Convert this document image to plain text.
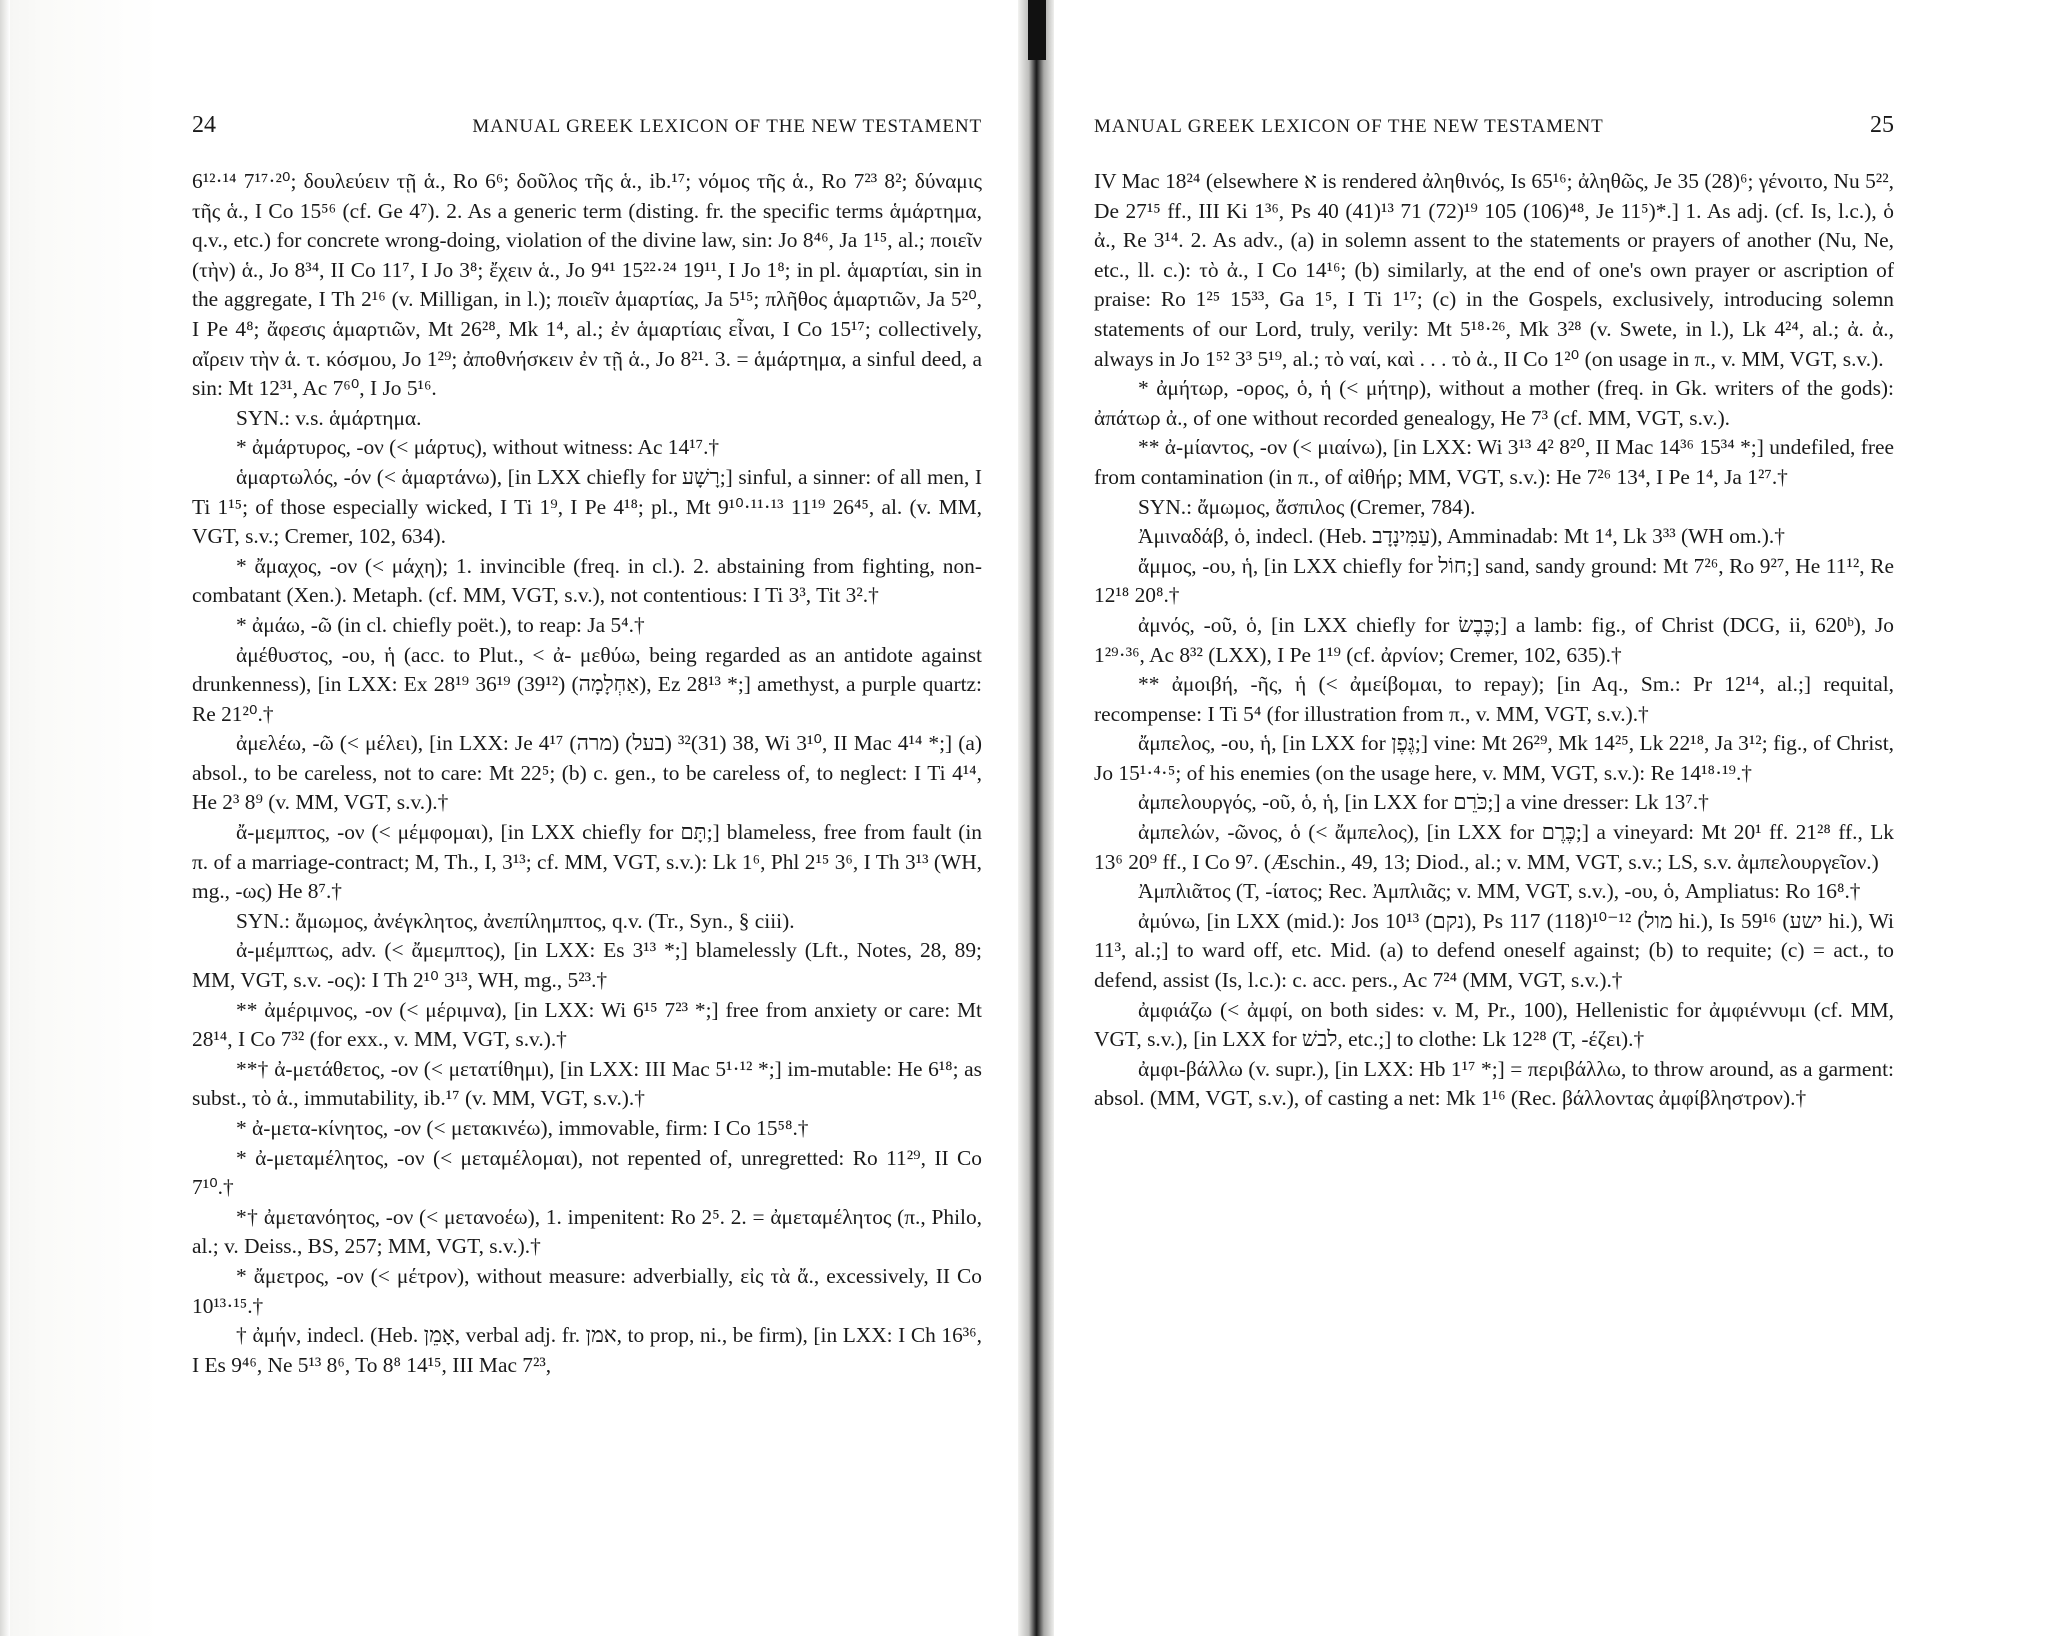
24	MANUAL GREEK LEXICON OF THE NEW TESTAMENT

6¹²·¹⁴ 7¹⁷·²⁰; δουλεύειν τῇ ἁ., Ro 6⁶; δοῦλος τῆς ἁ., ib.¹⁷; νόμος τῆς ἁ., Ro 7²³ 8²; δύναμις τῆς ἁ., I Co 15⁵⁶ (cf. Ge 4⁷). 2. As a generic term (disting. fr. the specific terms ἁμάρτημα, q.v., etc.) for concrete wrong-doing, violation of the divine law, sin: Jo 8⁴⁶, Ja 1¹⁵, al.; ποιεῖν (τὴν) ἁ., Jo 8³⁴, II Co 11⁷, I Jo 3⁸; ἔχειν ἁ., Jo 9⁴¹ 15²²·²⁴ 19¹¹, I Jo 1⁸; in pl. ἁμαρτίαι, sin in the aggregate, I Th 2¹⁶ (v. Milligan, in l.); ποιεῖν ἁμαρτίας, Ja 5¹⁵; πλῆθος ἁμαρτιῶν, Ja 5²⁰, I Pe 4⁸; ἄφεσις ἁμαρτιῶν, Mt 26²⁸, Mk 1⁴, al.; ἐν ἁμαρτίαις εἶναι, I Co 15¹⁷; collectively, αἴρειν τὴν ἁ. τ. κόσμου, Jo 1²⁹; ἀποθνήσκειν ἐν τῇ ἁ., Jo 8²¹. 3. = ἁμάρτημα, a sinful deed, a sin: Mt 12³¹, Ac 7⁶⁰, I Jo 5¹⁶.

SYN.: v.s. ἁμάρτημα.

* ἀμάρτυρος, -ον (< μάρτυς), without witness: Ac 14¹⁷.†

ἁμαρτωλός, -όν (< ἁμαρτάνω), [in LXX chiefly for רָשָׁע;] sinful, a sinner: of all men, I Ti 1¹⁵; of those especially wicked, I Ti 1⁹, I Pe 4¹⁸; pl., Mt 9¹⁰·¹¹·¹³ 11¹⁹ 26⁴⁵, al. (v. MM, VGT, s.v.; Cremer, 102, 634).

* ἄμαχος, -ον (< μάχη); 1. invincible (freq. in cl.). 2. abstaining from fighting, non-combatant (Xen.). Metaph. (cf. MM, VGT, s.v.), not contentious: I Ti 3³, Tit 3².†

* ἀμάω, -ῶ (in cl. chiefly poët.), to reap: Ja 5⁴.†

ἀμέθυστος, -ου, ἡ (acc. to Plut., < ἀ- μεθύω, being regarded as an antidote against drunkenness), [in LXX: Ex 28¹⁹ 36¹⁹ (39¹²) (אַחְלָמָה), Ez 28¹³ *;] amethyst, a purple quartz: Re 21²⁰.†

ἀμελέω, -ῶ (< μέλει), [in LXX: Je 4¹⁷ (מרה) 38 (31)³² (בעל), Wi 3¹⁰, II Mac 4¹⁴ *;] (a) absol., to be careless, not to care: Mt 22⁵; (b) c. gen., to be careless of, to neglect: I Ti 4¹⁴, He 2³ 8⁹ (v. MM, VGT, s.v.).†

ἄ-μεμπτος, -ον (< μέμφομαι), [in LXX chiefly for תָּם;] blameless, free from fault (in π. of a marriage-contract; M, Th., I, 3¹³; cf. MM, VGT, s.v.): Lk 1⁶, Phl 2¹⁵ 3⁶, I Th 3¹³ (WH, mg., -ως) He 8⁷.†

SYN.: ἄμωμος, ἀνέγκλητος, ἀνεπίλημπτος, q.v. (Tr., Syn., § ciii).

ἀ-μέμπτως, adv. (< ἄμεμπτος), [in LXX: Es 3¹³ *;] blamelessly (Lft., Notes, 28, 89; MM, VGT, s.v. -ος): I Th 2¹⁰ 3¹³, WH, mg., 5²³.†

** ἀμέριμνος, -ον (< μέριμνα), [in LXX: Wi 6¹⁵ 7²³ *;] free from anxiety or care: Mt 28¹⁴, I Co 7³² (for exx., v. MM, VGT, s.v.).†

**† ἀ-μετάθετος, -ον (< μετατίθημι), [in LXX: III Mac 5¹·¹² *;] im-mutable: He 6¹⁸; as subst., τὸ ἁ., immutability, ib.¹⁷ (v. MM, VGT, s.v.).†

* ἀ-μετα-κίνητος, -ον (< μετακινέω), immovable, firm: I Co 15⁵⁸.†

* ἀ-μεταμέλητος, -ον (< μεταμέλομαι), not repented of, unregretted: Ro 11²⁹, II Co 7¹⁰.†

*† ἀμετανόητος, -ον (< μετανοέω), 1. impenitent: Ro 2⁵. 2. = ἀμεταμέλητος (π., Philo, al.; v. Deiss., BS, 257; MM, VGT, s.v.).†

* ἄμετρος, -ον (< μέτρον), without measure: adverbially, εἰς τὰ ἄ., excessively, II Co 10¹³·¹⁵.†

† ἀμήν, indecl. (Heb. אָמֵן, verbal adj. fr. אמן, to prop, ni., be firm), [in LXX: I Ch 16³⁶, I Es 9⁴⁶, Ne 5¹³ 8⁶, To 8⁸ 14¹⁵, III Mac 7²³,

MANUAL GREEK LEXICON OF THE NEW TESTAMENT	25

IV Mac 18²⁴ (elsewhere א is rendered ἀληθινός, Is 65¹⁶; ἀληθῶς, Je 35 (28)⁶; γένοιτο, Nu 5²², De 27¹⁵ ff., III Ki 1³⁶, Ps 40 (41)¹³ 71 (72)¹⁹ 105 (106)⁴⁸, Je 11⁵)*.] 1. As adj. (cf. Is, l.c.), ὁ ἀ., Re 3¹⁴. 2. As adv., (a) in solemn assent to the statements or prayers of another (Nu, Ne, etc., ll. c.): τὸ ἀ., I Co 14¹⁶; (b) similarly, at the end of one's own prayer or ascription of praise: Ro 1²⁵ 15³³, Ga 1⁵, I Ti 1¹⁷; (c) in the Gospels, exclusively, introducing solemn statements of our Lord, truly, verily: Mt 5¹⁸·²⁶, Mk 3²⁸ (v. Swete, in l.), Lk 4²⁴, al.; ἀ. ἀ., always in Jo 1⁵² 3³ 5¹⁹, al.; τὸ ναί, καὶ . . . τὸ ἀ., II Co 1²⁰ (on usage in π., v. MM, VGT, s.v.).

* ἀμήτωρ, -ορος, ὁ, ἡ (< μήτηρ), without a mother (freq. in Gk. writers of the gods): ἀπάτωρ ἀ., of one without recorded genealogy, He 7³ (cf. MM, VGT, s.v.).

** ἀ-μίαντος, -ον (< μιαίνω), [in LXX: Wi 3¹³ 4² 8²⁰, II Mac 14³⁶ 15³⁴ *;] undefiled, free from contamination (in π., of αἰθήρ; MM, VGT, s.v.): He 7²⁶ 13⁴, I Pe 1⁴, Ja 1²⁷.†

SYN.: ἄμωμος, ἄσπιλος (Cremer, 784).

Ἀμιναδάβ, ὁ, indecl. (Heb. עַמִּינָדָב), Amminadab: Mt 1⁴, Lk 3³³ (WH om.).†

ἄμμος, -ου, ἡ, [in LXX chiefly for חוֹל;] sand, sandy ground: Mt 7²⁶, Ro 9²⁷, He 11¹², Re 12¹⁸ 20⁸.†

ἀμνός, -οῦ, ὁ, [in LXX chiefly for כֶּבֶשׂ;] a lamb: fig., of Christ (DCG, ii, 620ᵇ), Jo 1²⁹·³⁶, Ac 8³² (LXX), I Pe 1¹⁹ (cf. ἀρνίον; Cremer, 102, 635).†

** ἀμοιβή, -ῆς, ἡ (< ἀμείβομαι, to repay); [in Aq., Sm.: Pr 12¹⁴, al.;] requital, recompense: I Ti 5⁴ (for illustration from π., v. MM, VGT, s.v.).†

ἄμπελος, -ου, ἡ, [in LXX for גֶּפֶן;] vine: Mt 26²⁹, Mk 14²⁵, Lk 22¹⁸, Ja 3¹²; fig., of Christ, Jo 15¹·⁴·⁵; of his enemies (on the usage here, v. MM, VGT, s.v.): Re 14¹⁸·¹⁹.†

ἀμπελουργός, -οῦ, ὁ, ἡ, [in LXX for כֹּרֵם;] a vine dresser: Lk 13⁷.†

ἀμπελών, -ῶνος, ὁ (< ἄμπελος), [in LXX for כֶּרֶם;] a vineyard: Mt 20¹ ff. 21²⁸ ff., Lk 13⁶ 20⁹ ff., I Co 9⁷. (Æschin., 49, 13; Diod., al.; v. MM, VGT, s.v.; LS, s.v. ἀμπελουργεῖον.)

Ἀμπλιᾶτος (T, -ίατος; Rec. Ἀμπλιᾶς; v. MM, VGT, s.v.), -ου, ὁ, Ampliatus: Ro 16⁸.†

ἀμύνω, [in LXX (mid.): Jos 10¹³ (נקם), Ps 117 (118)¹⁰⁻¹² (מול hi.), Is 59¹⁶ (ישע hi.), Wi 11³, al.;] to ward off, etc. Mid. (a) to defend oneself against; (b) to requite; (c) = act., to defend, assist (Is, l.c.): c. acc. pers., Ac 7²⁴ (MM, VGT, s.v.).†

ἀμφιάζω (< ἀμφί, on both sides: v. M, Pr., 100), Hellenistic for ἀμφιέννυμι (cf. MM, VGT, s.v.), [in LXX for לבשׁ, etc.;] to clothe: Lk 12²⁸ (T, -έζει).†

ἀμφι-βάλλω (v. supr.), [in LXX: Hb 1¹⁷ *;] = περιβάλλω, to throw around, as a garment: absol. (MM, VGT, s.v.), of casting a net: Mk 1¹⁶ (Rec. βάλλοντας ἀμφίβληστρον).†
